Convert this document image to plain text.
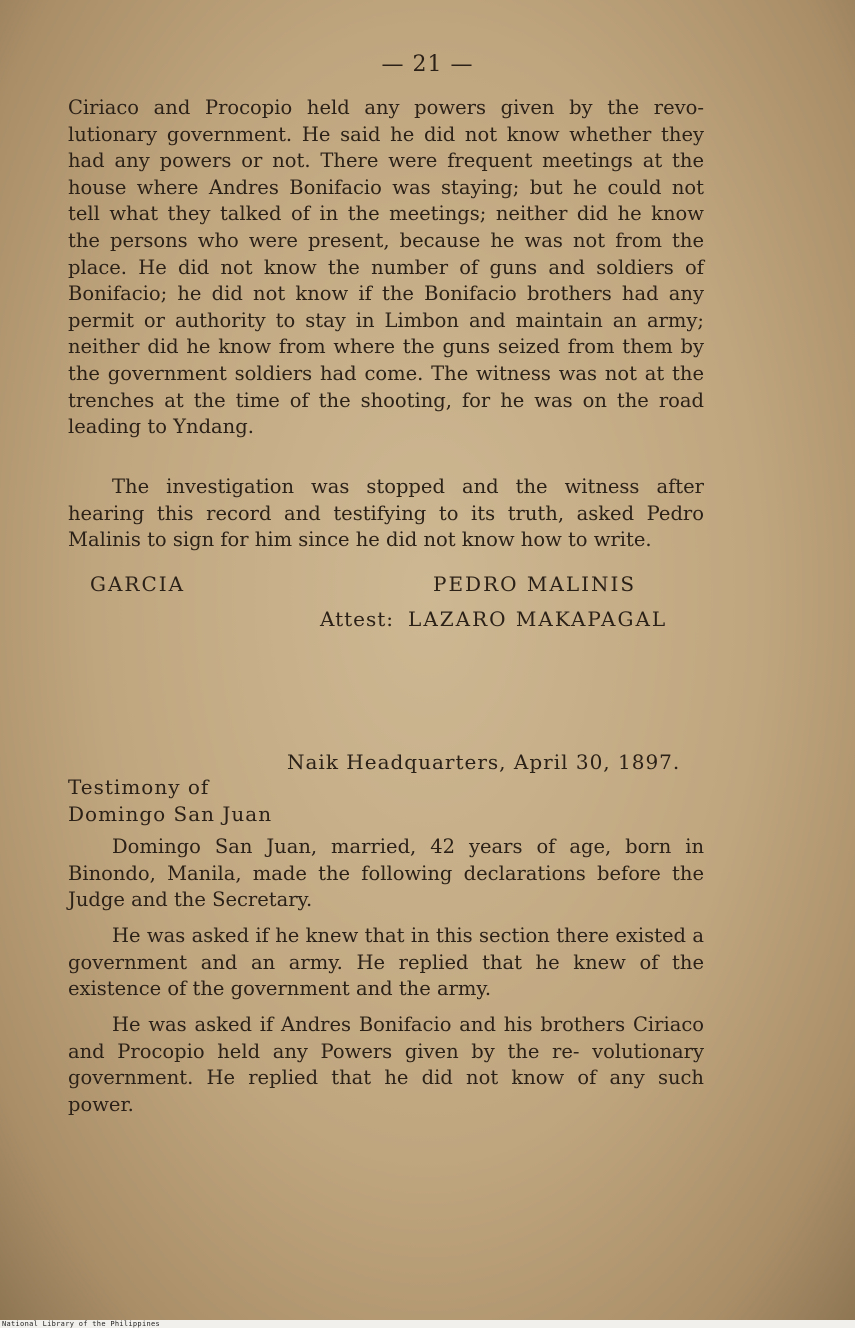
— 21 —
Ciriaco and Procopio held any powers given by the revo- lutionary government. He said he did not know whether they had any powers or not. There were frequent meetings at the house where Andres Bonifacio was staying; but he could not tell what they talked of in the meetings; neither did he know the persons who were present, because he was not from the place. He did not know the number of guns and soldiers of Bonifacio; he did not know if the Bonifacio brothers had any permit or authority to stay in Limbon and maintain an army; neither did he know from where the guns seized from them by the government soldiers had come. The witness was not at the trenches at the time of the shooting, for he was on the road leading to Yndang.
The investigation was stopped and the witness after hearing this record and testifying to its truth, asked Pedro Malinis to sign for him since he did not know how to write.
GARCIA	PEDRO MALINIS
Attest: LAZARO MAKAPAGAL
Naik Headquarters, April 30, 1897.
Testimony of
Domingo San Juan
Domingo San Juan, married, 42 years of age, born in Binondo, Manila, made the following declarations before the Judge and the Secretary.
He was asked if he knew that in this section there existed a government and an army. He replied that he knew of the existence of the government and the army.
He was asked if Andres Bonifacio and his brothers Ciriaco and Procopio held any Powers given by the re- volutionary government. He replied that he did not know of any such power.
National Library of the Philippines
